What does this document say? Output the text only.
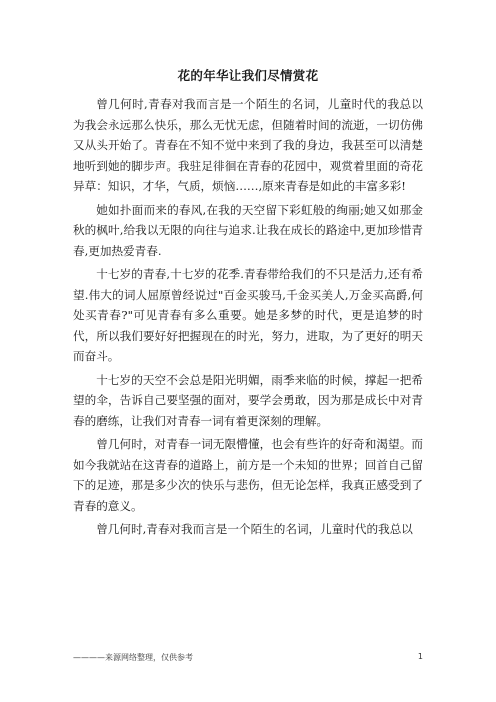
花的年华让我们尽情赏花

曾几何时,青春对我而言是一个陌生的名词，儿童时代的我总以为我会永远那么快乐，那么无忧无虑，但随着时间的流逝，一切仿佛又从头开始了。青春在不知不觉中来到了我的身边，我甚至可以清楚地听到她的脚步声。我驻足徘徊在青春的花园中，观赏着里面的奇花异草：知识，才华，气质，烦恼……,原来青春是如此的丰富多彩!

她如扑面而来的春风,在我的天空留下彩虹般的绚丽;她又如那金秋的枫叶,给我以无限的向往与追求.让我在成长的路途中,更加珍惜青春,更加热爱青春.

十七岁的青春,十七岁的花季.青春带给我们的不只是活力,还有希望.伟大的词人屈原曾经说过"百金买骏马,千金买美人,万金买高爵,何处买青春?"可见青春有多么重要。她是多梦的时代，更是追梦的时代，所以我们要好好把握现在的时光，努力，进取，为了更好的明天而奋斗。

十七岁的天空不会总是阳光明媚，雨季来临的时候，撑起一把希望的伞，告诉自己要坚强的面对，要学会勇敢，因为那是成长中对青春的磨练，让我们对青春一词有着更深刻的理解。

曾几何时，对青春一词无限懵懂，也会有些许的好奇和渴望。而如今我就站在这青春的道路上，前方是一个未知的世界；回首自己留下的足迹，那是多少次的快乐与悲伤，但无论怎样，我真正感受到了青春的意义。

曾几何时,青春对我而言是一个陌生的名词，儿童时代的我总以

————来源网络整理，仅供参考	1
